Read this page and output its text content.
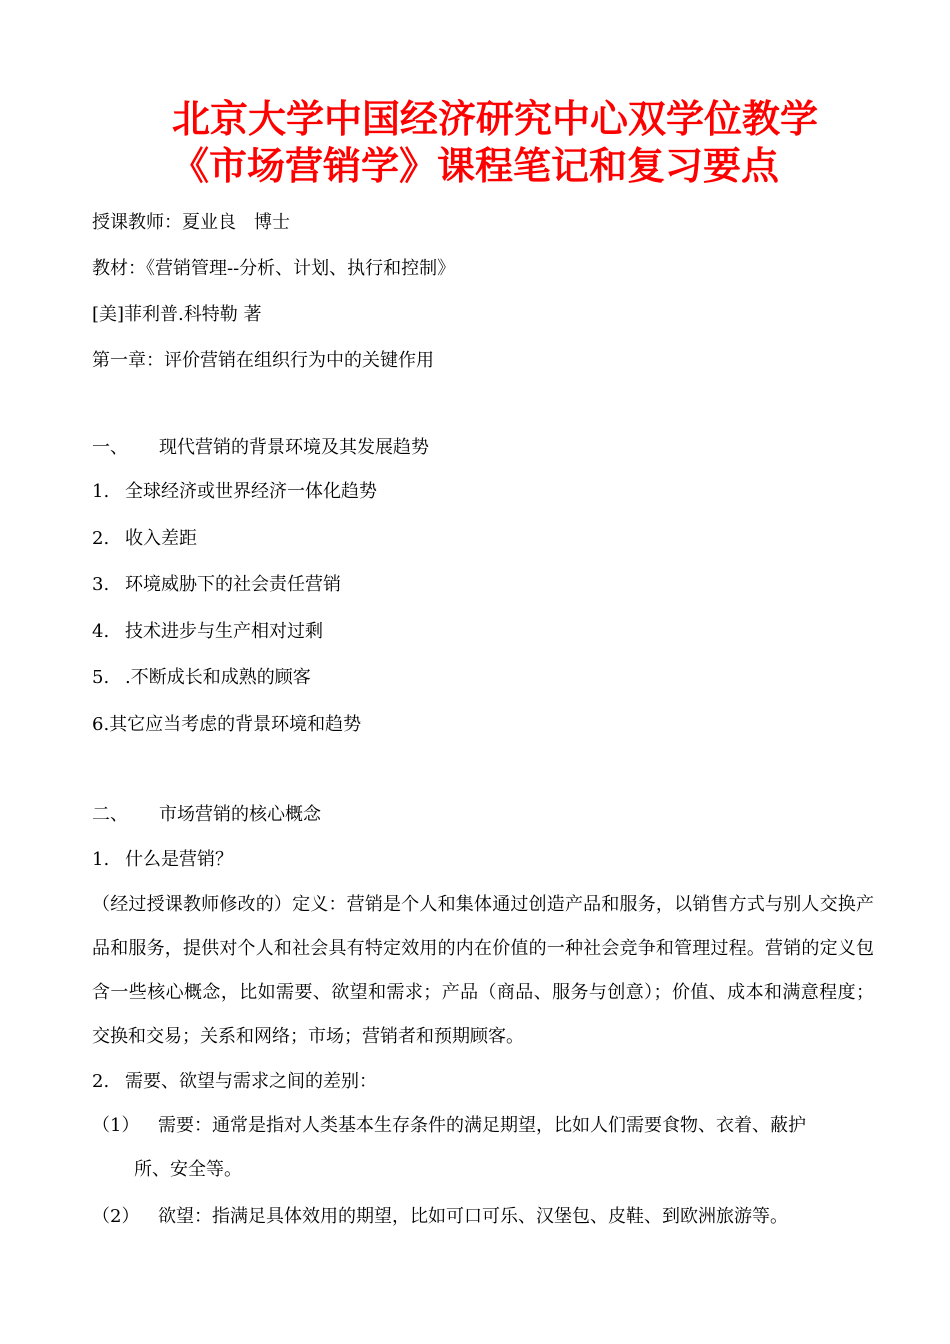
北京大学中国经济研究中心双学位教学
《市场营销学》课程笔记和复习要点
授课教师：夏业良　博士
教材：《营销管理--分析、计划、执行和控制》
[美]菲利普.科特勒 著
第一章：评价营销在组织行为中的关键作用
一、 现代营销的背景环境及其发展趋势
1. 全球经济或世界经济一体化趋势
2. 收入差距
3. 环境威胁下的社会责任营销
4. 技术进步与生产相对过剩
5. .不断成长和成熟的顾客
6.其它应当考虑的背景环境和趋势
二、 市场营销的核心概念
1. 什么是营销？
（经过授课教师修改的）定义：营销是个人和集体通过创造产品和服务，以销售方式与别人交换产品和服务，提供对个人和社会具有特定效用的内在价值的一种社会竞争和管理过程。营销的定义包含一些核心概念，比如需要、欲望和需求；产品（商品、服务与创意）；价值、成本和满意程度；交换和交易；关系和网络；市场；营销者和预期顾客。
2. 需要、欲望与需求之间的差别：
（1） 需要：通常是指对人类基本生存条件的满足期望，比如人们需要食物、衣着、蔽护
所、安全等。
（2） 欲望：指满足具体效用的期望，比如可口可乐、汉堡包、皮鞋、到欧洲旅游等。
